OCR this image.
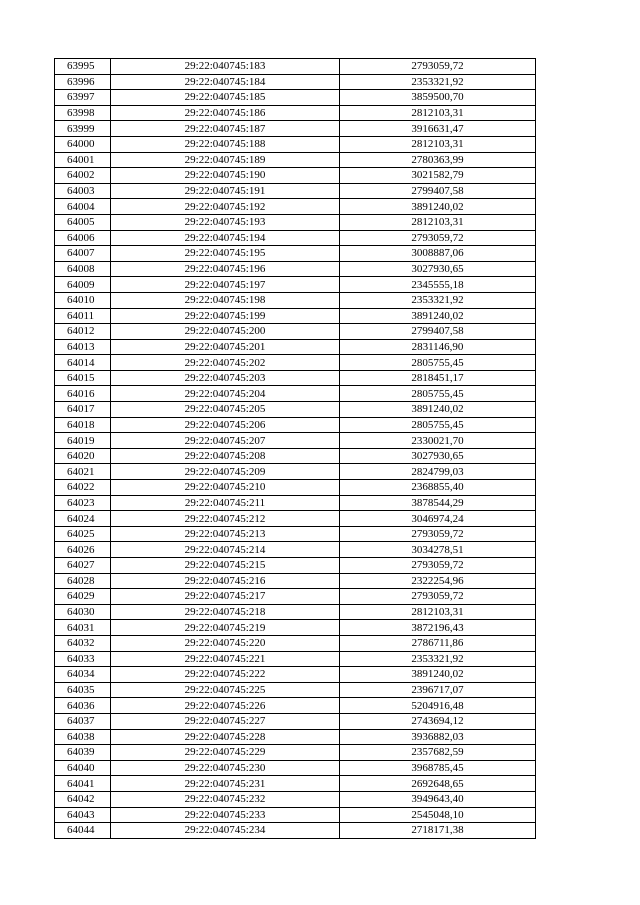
63995	29:22:040745:183	2793059,72
63996	29:22:040745:184	2353321,92
63997	29:22:040745:185	3859500,70
63998	29:22:040745:186	2812103,31
63999	29:22:040745:187	3916631,47
64000	29:22:040745:188	2812103,31
64001	29:22:040745:189	2780363,99
64002	29:22:040745:190	3021582,79
64003	29:22:040745:191	2799407,58
64004	29:22:040745:192	3891240,02
64005	29:22:040745:193	2812103,31
64006	29:22:040745:194	2793059,72
64007	29:22:040745:195	3008887,06
64008	29:22:040745:196	3027930,65
64009	29:22:040745:197	2345555,18
64010	29:22:040745:198	2353321,92
64011	29:22:040745:199	3891240,02
64012	29:22:040745:200	2799407,58
64013	29:22:040745:201	2831146,90
64014	29:22:040745:202	2805755,45
64015	29:22:040745:203	2818451,17
64016	29:22:040745:204	2805755,45
64017	29:22:040745:205	3891240,02
64018	29:22:040745:206	2805755,45
64019	29:22:040745:207	2330021,70
64020	29:22:040745:208	3027930,65
64021	29:22:040745:209	2824799,03
64022	29:22:040745:210	2368855,40
64023	29:22:040745:211	3878544,29
64024	29:22:040745:212	3046974,24
64025	29:22:040745:213	2793059,72
64026	29:22:040745:214	3034278,51
64027	29:22:040745:215	2793059,72
64028	29:22:040745:216	2322254,96
64029	29:22:040745:217	2793059,72
64030	29:22:040745:218	2812103,31
64031	29:22:040745:219	3872196,43
64032	29:22:040745:220	2786711,86
64033	29:22:040745:221	2353321,92
64034	29:22:040745:222	3891240,02
64035	29:22:040745:225	2396717,07
64036	29:22:040745:226	5204916,48
64037	29:22:040745:227	2743694,12
64038	29:22:040745:228	3936882,03
64039	29:22:040745:229	2357682,59
64040	29:22:040745:230	3968785,45
64041	29:22:040745:231	2692648,65
64042	29:22:040745:232	3949643,40
64043	29:22:040745:233	2545048,10
64044	29:22:040745:234	2718171,38
